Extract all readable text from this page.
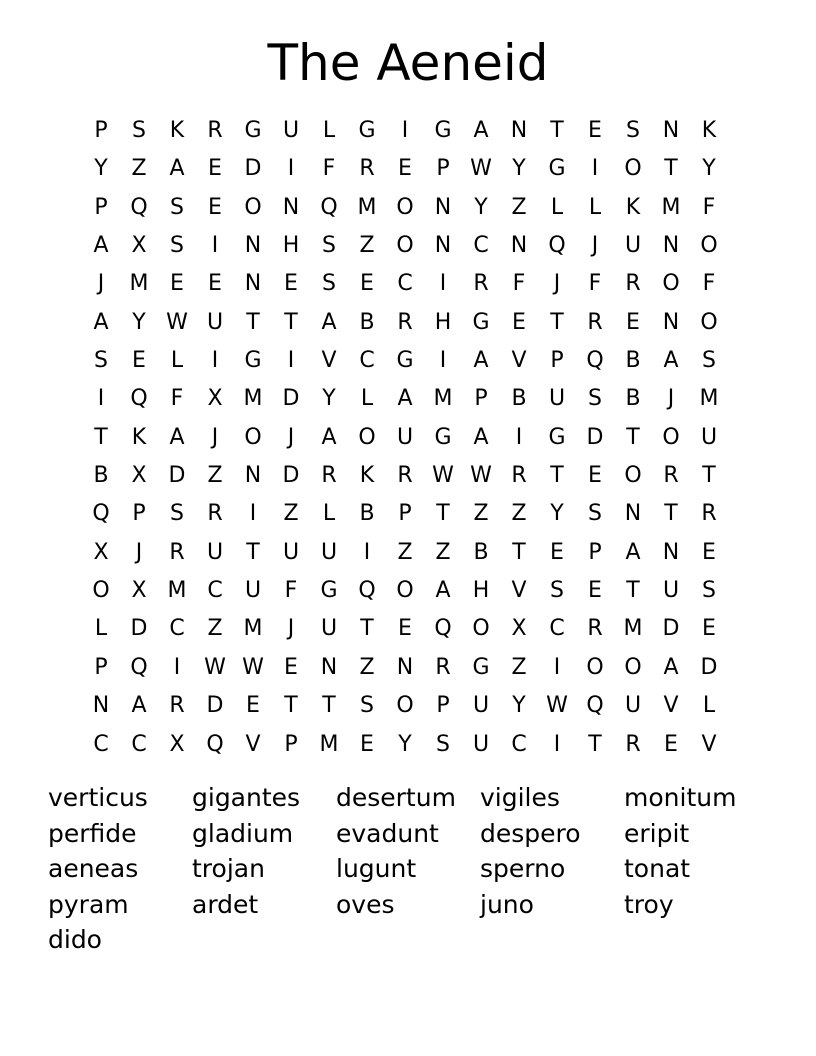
The Aeneid
P	S	K	R G U	L	G	I	G A	N	T	E	S	N	K
Y	Z	A	E	D	I	F	R	E	P W Y	G	I	O	T	Y
P	Q	S	E	O N Q M O N	Y	Z	L	L	K M	F
A	X	S	I	N H	S	Z O N	C	N Q	J	U N O
J	M E	E	N	E	S	E	C	I	R	F	J	F	R O	F
A	Y W U	T	T	A	B	R	H G	E	T	R	E	N O
S	E	L	I	G	I	V	C G	I	A	V	P	Q B	A	S
I	Q	F	X M D	Y	L	A M P	B	U	S	B	J	M
T	K	A	J	O	J	A O U G A	I	G D	T	O U
B	X D Z	N D R	K	R W W R	T	E	O R	T
Q	P	S	R	I	Z	L	B	P	T	Z	Z	Y	S	N	T	R
X	J	R	U	T	U U	I	Z	Z	B	T	E	P	A	N	E
O X M C	U	F	G Q O A	H	V	S	E	T	U	S
L	D C	Z M	J	U	T	E	Q O X	C	R M D	E
P	Q	I	W W E	N	Z	N	R G Z	I	O O A D
N	A	R D	E	T	T	S	O	P	U	Y W Q U	V	L
C	C	X Q V	P M E	Y	S	U	C	I	T	R	E	V
verticus	gigantes	desertum vigiles	monitum
perfide	gladium	evadunt	despero	eripit
aeneas	trojan	lugunt	sperno	tonat
pyram	ardet	oves	juno	troy
dido
